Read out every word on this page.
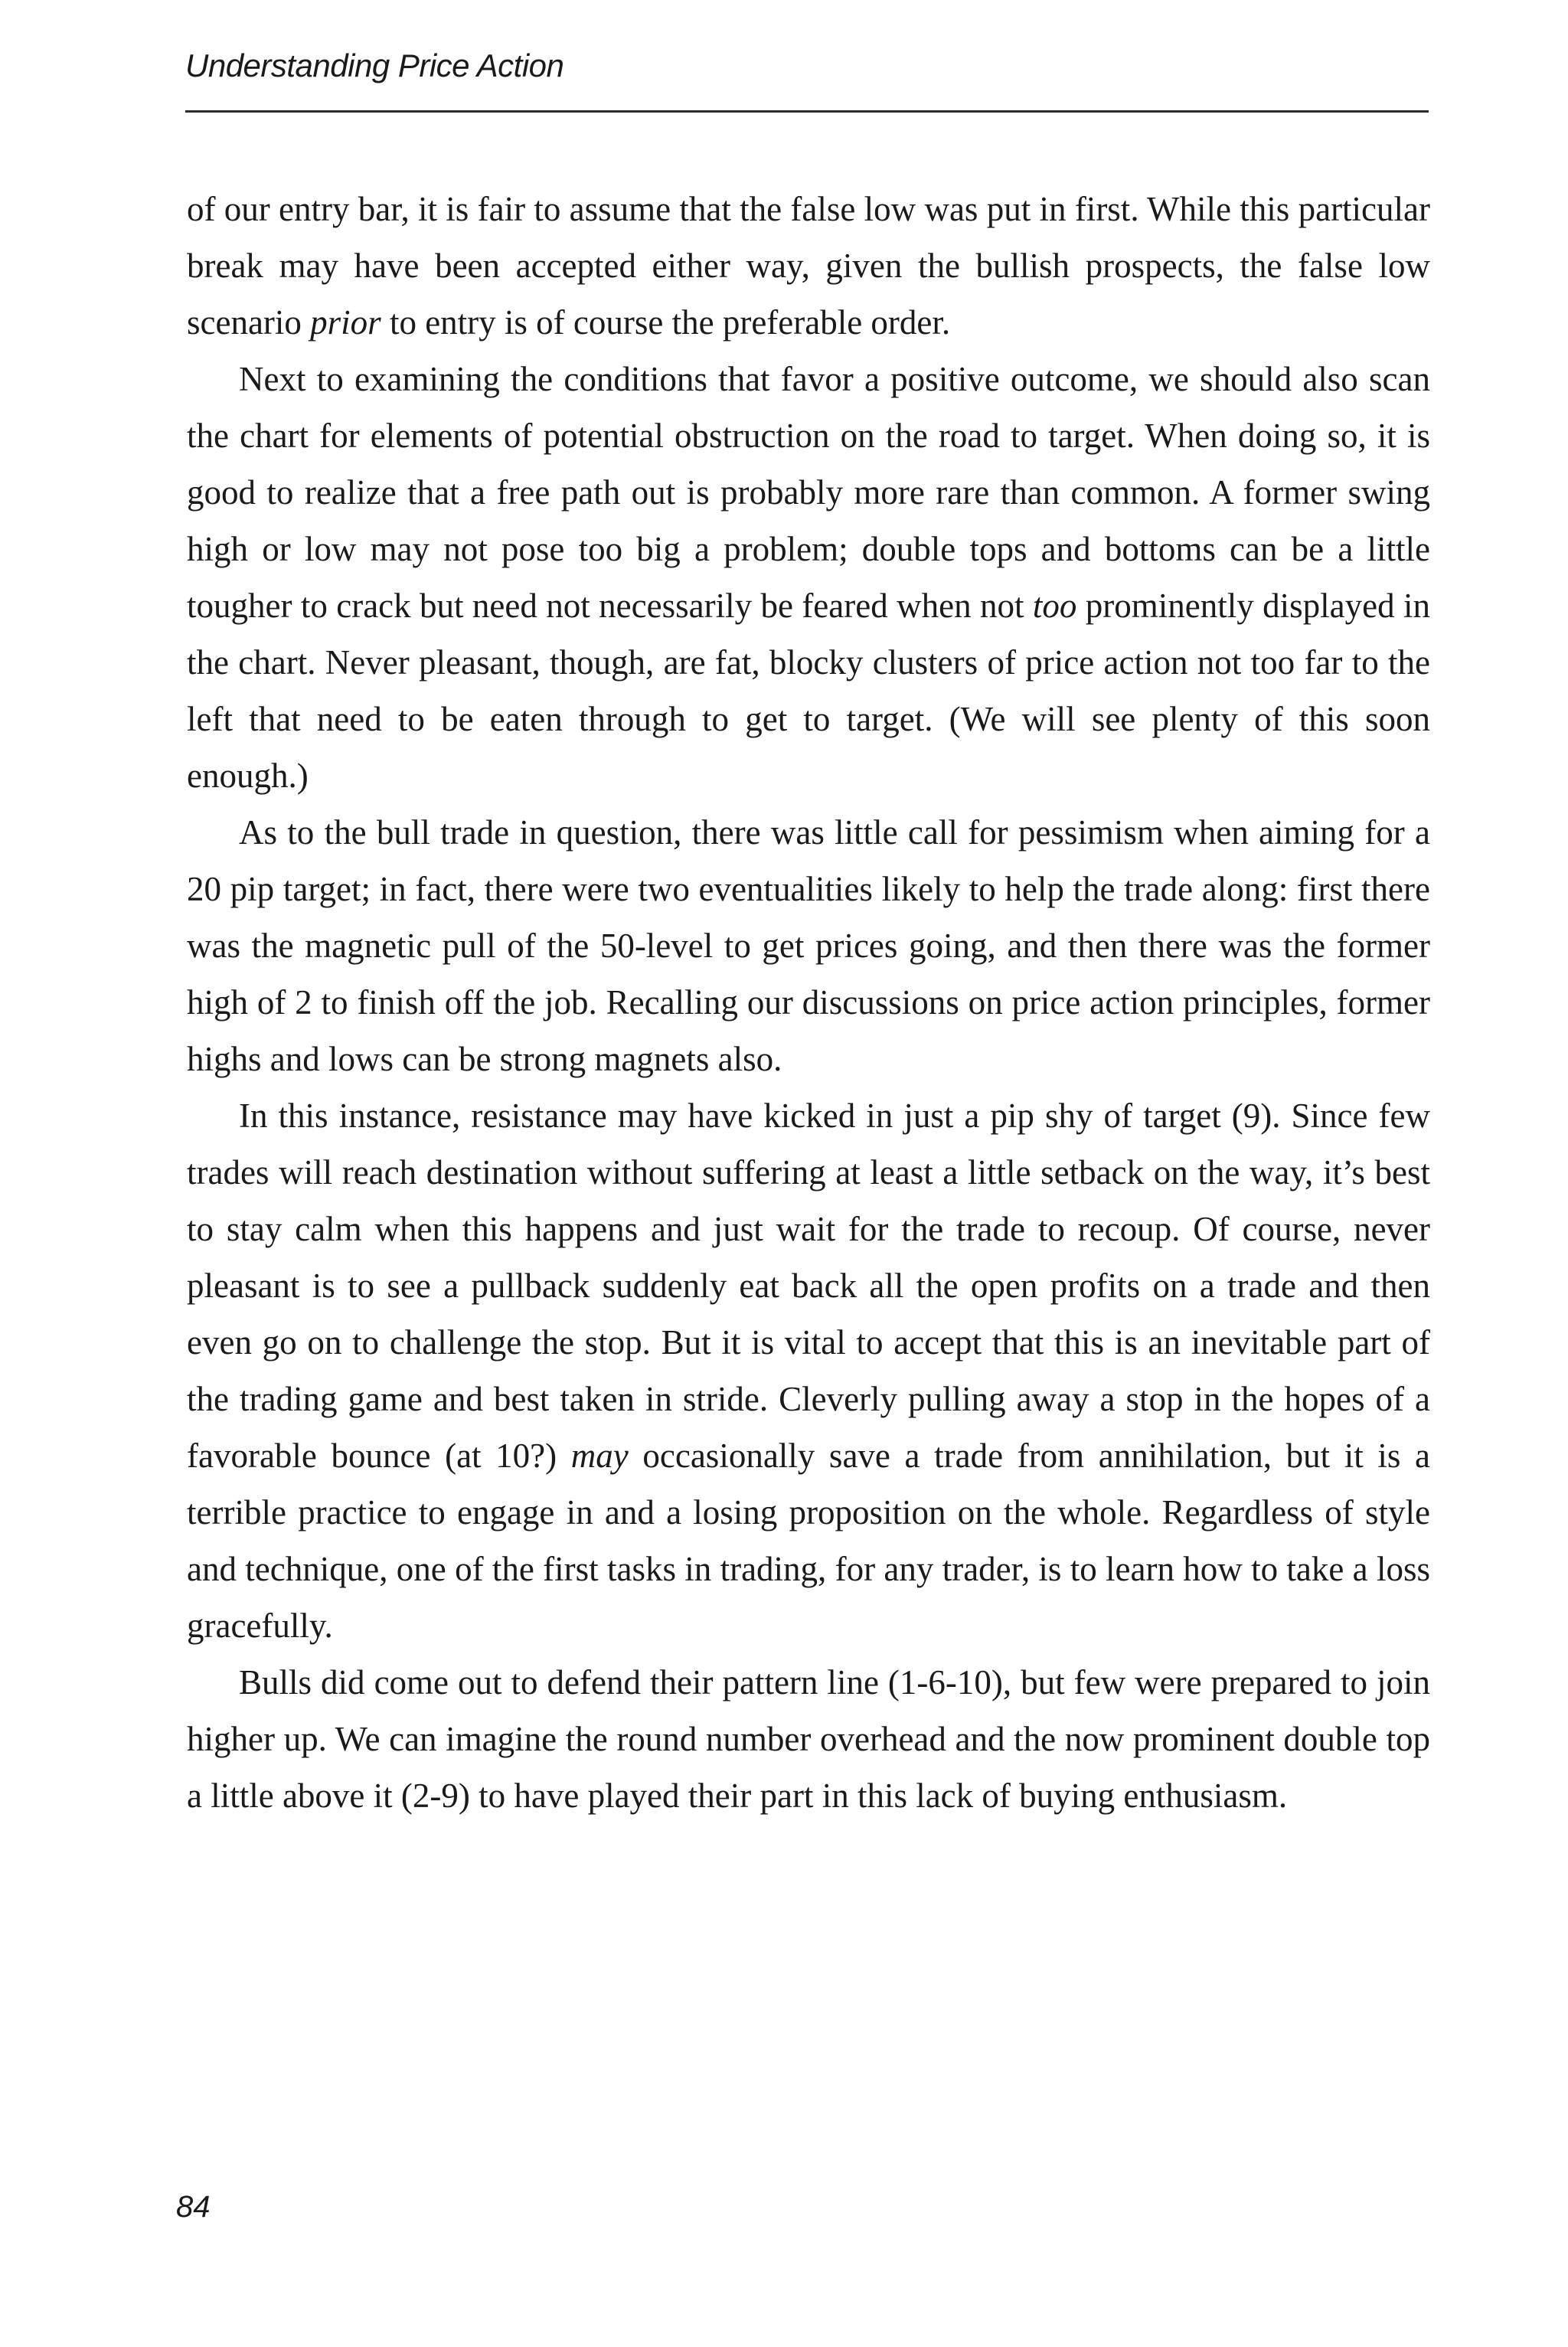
Understanding Price Action

of our entry bar, it is fair to assume that the false low was put in first. While this particular break may have been accepted either way, given the bullish prospects, the false low scenario prior to entry is of course the preferable order.

Next to examining the conditions that favor a positive outcome, we should also scan the chart for elements of potential obstruction on the road to target. When doing so, it is good to realize that a free path out is probably more rare than common. A former swing high or low may not pose too big a problem; double tops and bottoms can be a little tougher to crack but need not necessarily be feared when not too prominently displayed in the chart. Never pleasant, though, are fat, blocky clusters of price action not too far to the left that need to be eaten through to get to target. (We will see plenty of this soon enough.)

As to the bull trade in question, there was little call for pessimism when aiming for a 20 pip target; in fact, there were two eventualities likely to help the trade along: first there was the magnetic pull of the 50-level to get prices going, and then there was the former high of 2 to finish off the job. Recalling our discussions on price action principles, former highs and lows can be strong magnets also.

In this instance, resistance may have kicked in just a pip shy of target (9). Since few trades will reach destination without suffering at least a little setback on the way, it’s best to stay calm when this happens and just wait for the trade to recoup. Of course, never pleasant is to see a pullback suddenly eat back all the open profits on a trade and then even go on to challenge the stop. But it is vital to accept that this is an inevitable part of the trading game and best taken in stride. Cleverly pulling away a stop in the hopes of a favorable bounce (at 10?) may occasionally save a trade from annihilation, but it is a terrible practice to engage in and a losing proposition on the whole. Regardless of style and technique, one of the first tasks in trading, for any trader, is to learn how to take a loss gracefully.

Bulls did come out to defend their pattern line (1-6-10), but few were prepared to join higher up. We can imagine the round number overhead and the now prominent double top a little above it (2-9) to have played their part in this lack of buying enthusiasm.

84
